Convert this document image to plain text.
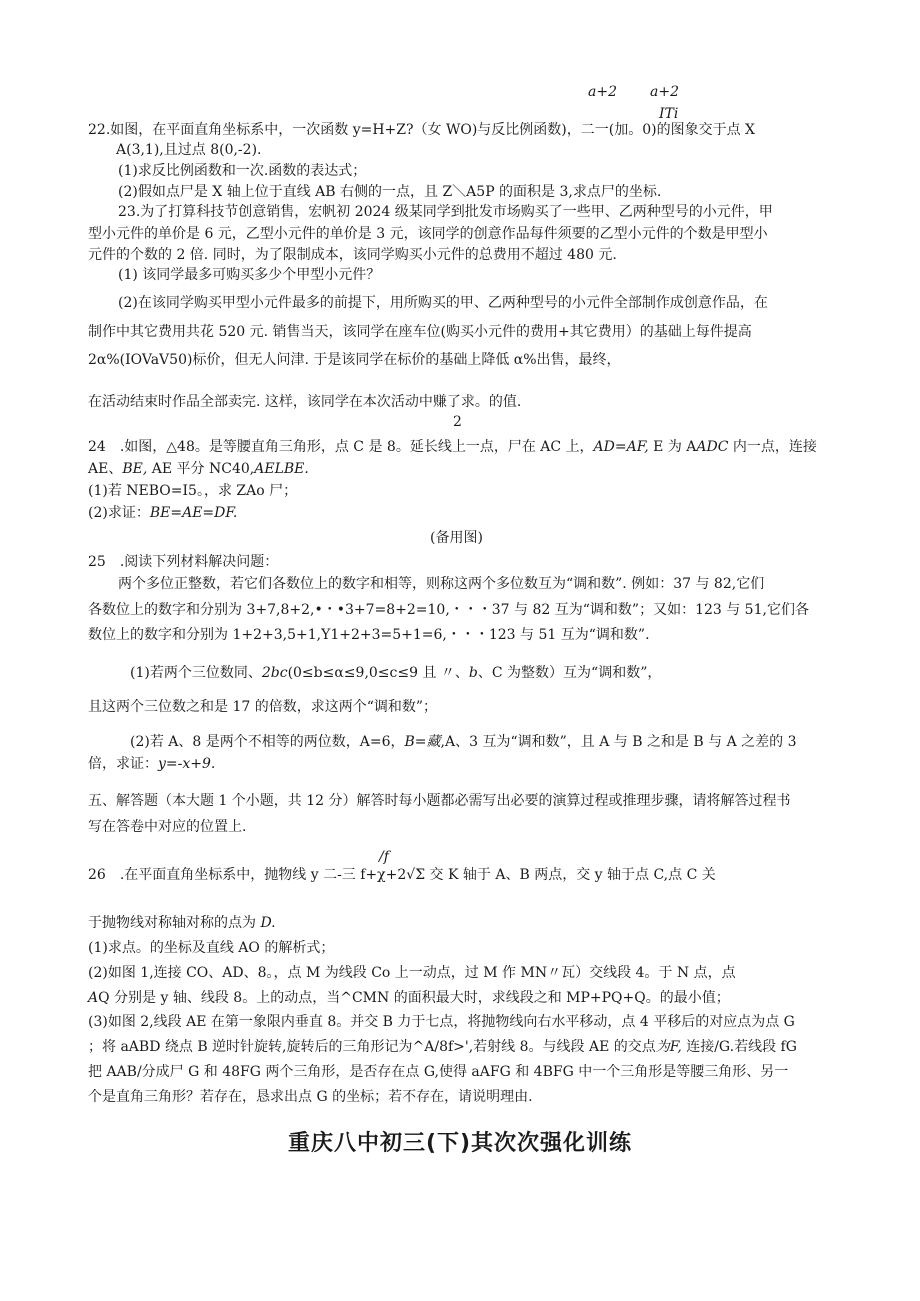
a+2 a+2
ITi
22.如图，在平面直角坐标系中，一次函数 y=H+Z?（女 WO)与反比例函数)，二一(加。0)的图象交于点 X
A(3,1),且过点 8(0,-2).
(1)求反比例函数和一次.函数的表达式；
(2)假如点尸是 X 轴上位于直线 AB 右侧的一点，且 Z＼A5P 的面积是 3,求点尸的坐标.
23.为了打算科技节创意销售，宏帆初 2024 级某同学到批发市场购买了一些甲、乙两种型号的小元件，甲
型小元件的单价是 6 元，乙型小元件的单价是 3 元，该同学的创意作品每件须要的乙型小元件的个数是甲型小
元件的个数的 2 倍. 同时，为了限制成本，该同学购买小元件的总费用不超过 480 元.
(1) 该同学最多可购买多少个甲型小元件？
(2)在该同学购买甲型小元件最多的前提下，用所购买的甲、乙两种型号的小元件全部制作成创意作品，在
制作中其它费用共花 520 元. 销售当天，该同学在座车位(购买小元件的费用+其它费用）的基础上每件提高
2α%(IOVaV50)标价，但无人问津. 于是该同学在标价的基础上降低 α%出售，最终，
在活动结束时作品全部卖完. 这样，该同学在本次活动中赚了求。的值.
2
24　.如图，△48。是等腰直角三角形，点 C 是 8。延长线上一点，尸在 AC 上，AD=AF, E 为 AADC 内一点，连接
AE、BE, AE 平分 NC40,AELBE.
(1)若 NEBO=I5。，求 ZAo 尸；
(2)求证：BE=AE=DF.
(备用图)
25　.阅读下列材料解决问题：
两个多位正整数，若它们各数位上的数字和相等，则称这两个多位数互为“调和数”. 例如：37 与 82,它们
各数位上的数字和分别为 3+7,8+2,•・•3+7=8+2=10,・・・37 与 82 互为“调和数”；又如：123 与 51,它们各
数位上的数字和分别为 1+2+3,5+1,Y1+2+3=5+1=6,・・・123 与 51 互为“调和数”.
(1)若两个三位数同、2bc(0≤b≤α≤9,0≤c≤9 且 〃、b、C 为整数）互为“调和数”，
且这两个三位数之和是 17 的倍数，求这两个“调和数”；
(2)若 A、8 是两个不相等的两位数，A=6，B=藏,A、3 互为“调和数”，且 A 与 B 之和是 B 与 A 之差的 3
倍，求证：y=-x+9.
五、解答题（本大题 1 个小题，共 12 分）解答时每小题都必需写出必要的演算过程或推理步骤，请将解答过程书
写在答卷中对应的位置上.
/f
26　.在平面直角坐标系中，抛物线 y 二-三 f+χ+2√Σ 交 K 轴于 A、B 两点，交 y 轴于点 C,点 C 关
于抛物线对称轴对称的点为 D.
(1)求点。的坐标及直线 AO 的解析式；
(2)如图 1,连接 CO、AD、8。，点 M 为线段 Co 上一动点，过 M 作 MN〃瓦）交线段 4。于 N 点，点
AQ 分别是 y 轴、线段 8。上的动点，当^CMN 的面积最大时，求线段之和 MP+PQ+Q。的最小值；
(3)如图 2,线段 AE 在第一象限内垂直 8。并交 B 力于七点，将抛物线向右水平移动，点 4 平移后的对应点为点 G
；将 aABD 绕点 B 逆时针旋转,旋转后的三角形记为^A/8f>',若射线 8。与线段 AE 的交点为F, 连接/G.若线段 fG
把 AAB/分成尸 G 和 48FG 两个三角形，是否存在点 G,使得 aAFG 和 4BFG 中一个三角形是等腰三角形、另一
个是直角三角形？若存在，恳求出点 G 的坐标；若不存在，请说明理由.
重庆八中初三(下)其次次强化训练
